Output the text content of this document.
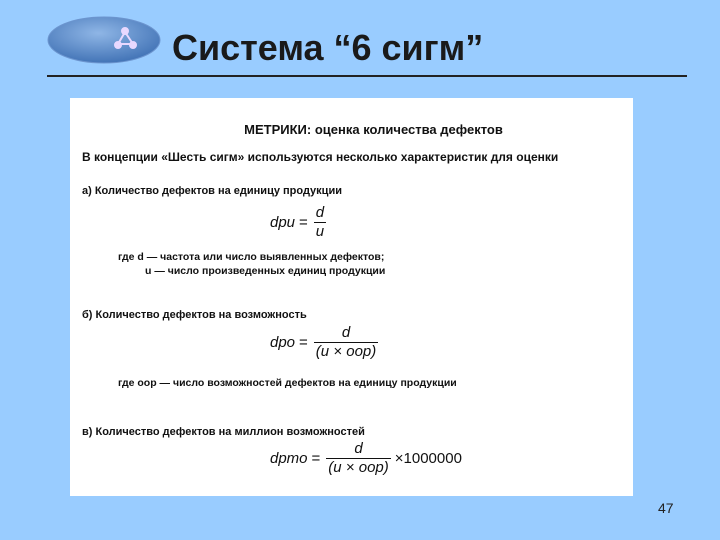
Система “6 сигм”
МЕТРИКИ: оценка количества дефектов
В концепции «Шесть сигм» используются несколько характеристик для оценки
а) Количество дефектов на единицу продукции
dpu = $\frac{d}{u}$
где d — частота или число выявленных дефектов;
u — число произведенных единиц продукции
б) Количество дефектов на возможность
dpo = $\frac{d}{\text{(u × oop)}}$
где oop — число возможностей дефектов на единицу продукции
в) Количество дефектов на миллион возможностей
dpmo = $\frac{d}{\text{(u × oop)}} \times 1000000$
47
